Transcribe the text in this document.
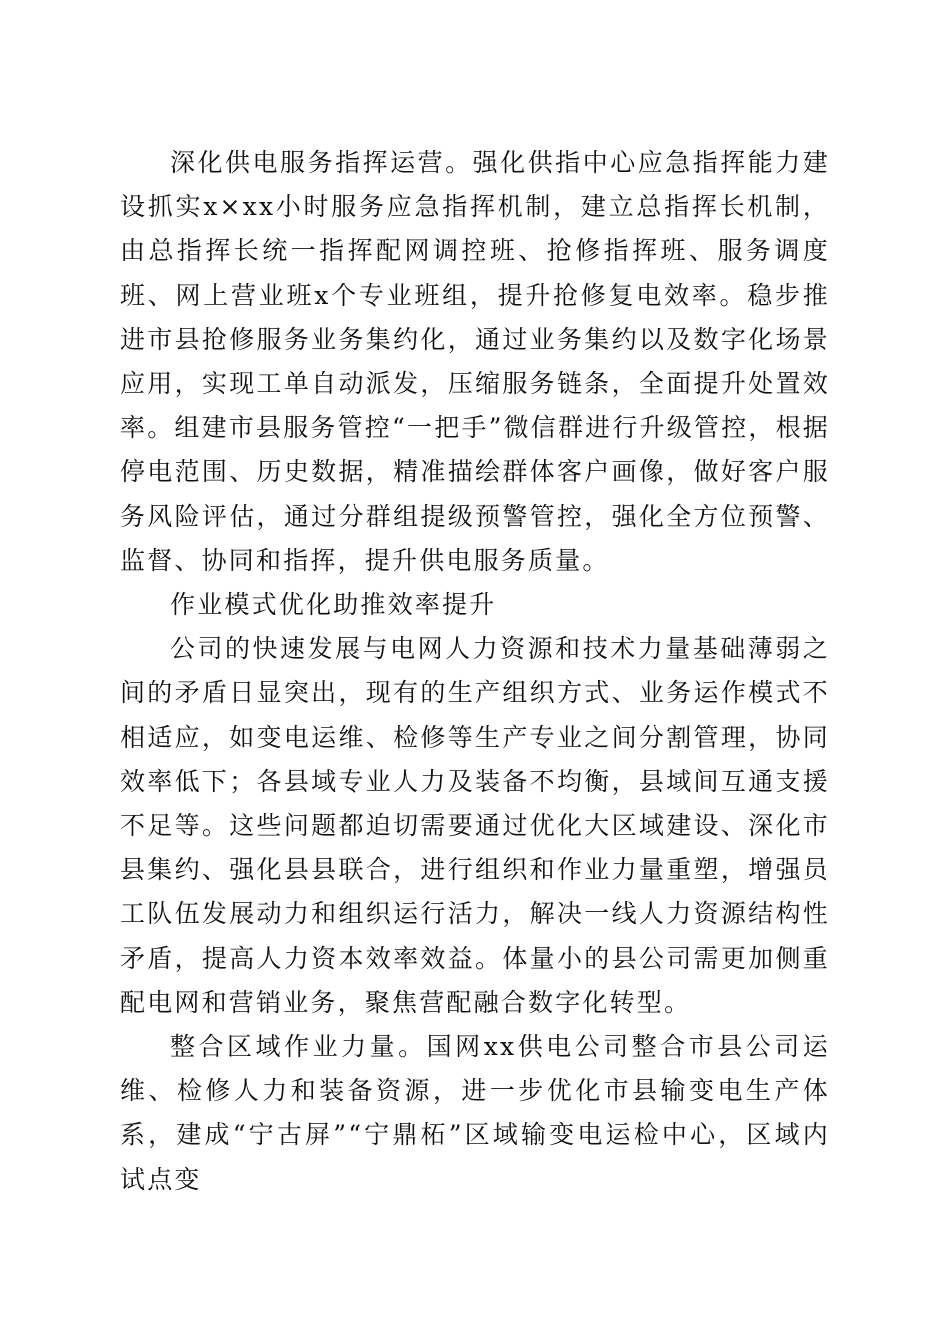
深化供电服务指挥运营。强化供指中心应急指挥能力建设抓实x×xx小时服务应急指挥机制，建立总指挥长机制，由总指挥长统一指挥配网调控班、抢修指挥班、服务调度班、网上营业班x个专业班组，提升抢修复电效率。稳步推进市县抢修服务业务集约化，通过业务集约以及数字化场景应用，实现工单自动派发，压缩服务链条，全面提升处置效率。组建市县服务管控“一把手”微信群进行升级管控，根据停电范围、历史数据，精准描绘群体客户画像，做好客户服务风险评估，通过分群组提级预警管控，强化全方位预警、监督、协同和指挥，提升供电服务质量。

作业模式优化助推效率提升

公司的快速发展与电网人力资源和技术力量基础薄弱之间的矛盾日显突出，现有的生产组织方式、业务运作模式不相适应，如变电运维、检修等生产专业之间分割管理，协同效率低下；各县域专业人力及装备不均衡，县域间互通支援不足等。这些问题都迫切需要通过优化大区域建设、深化市县集约、强化县县联合，进行组织和作业力量重塑，增强员工队伍发展动力和组织运行活力，解决一线人力资源结构性矛盾，提高人力资本效率效益。体量小的县公司需更加侧重配电网和营销业务，聚焦营配融合数字化转型。

整合区域作业力量。国网xx供电公司整合市县公司运维、检修人力和装备资源，进一步优化市县输变电生产体系，建成“宁古屏”“宁鼎柘”区域输变电运检中心，区域内试点变
